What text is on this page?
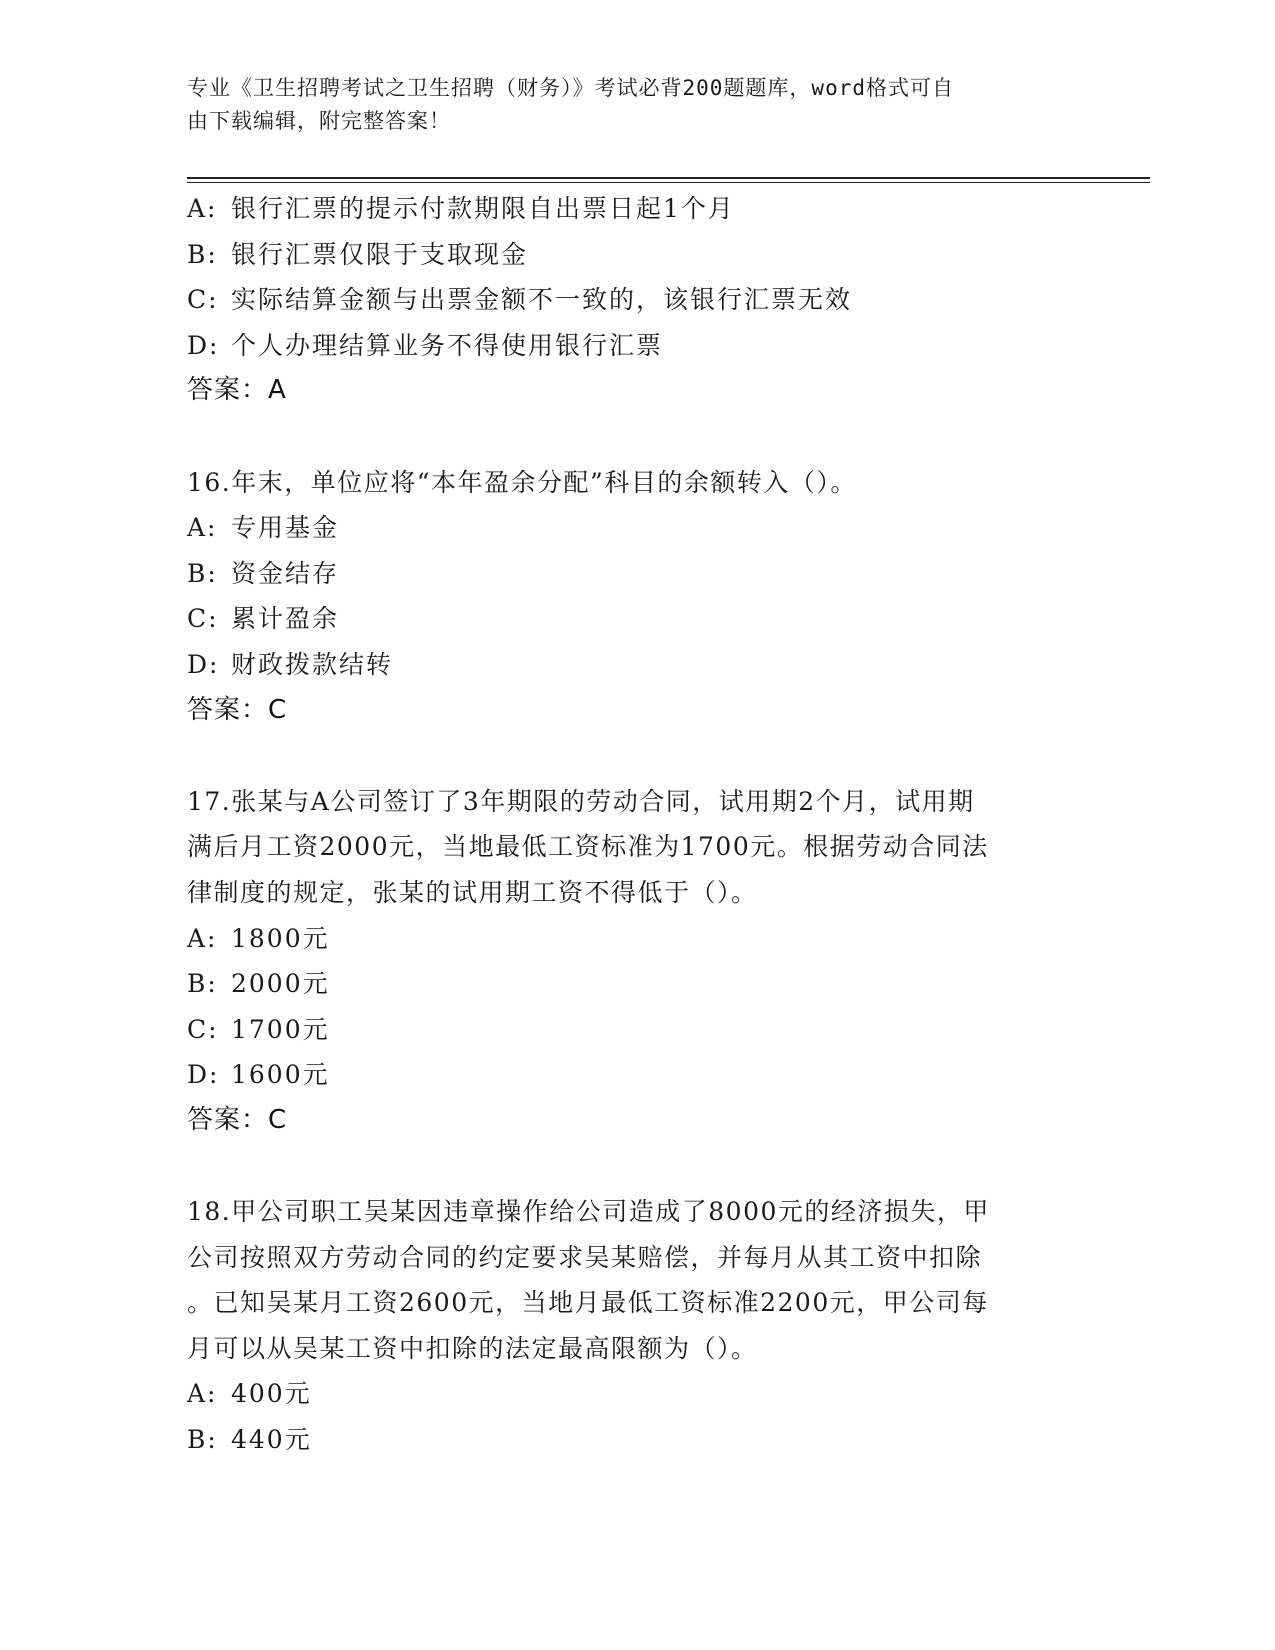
专业《卫生招聘考试之卫生招聘（财务）》考试必背200题题库，word格式可自
由下载编辑，附完整答案！
A: 银行汇票的提示付款期限自出票日起1个月
B: 银行汇票仅限于支取现金
C: 实际结算金额与出票金额不一致的，该银行汇票无效
D: 个人办理结算业务不得使用银行汇票
答案：A
16.年末，单位应将“本年盈余分配”科目的余额转入（）。
A: 专用基金
B: 资金结存
C: 累计盈余
D: 财政拨款结转
答案：C
17.张某与A公司签订了3年期限的劳动合同，试用期2个月，试用期
满后月工资2000元，当地最低工资标准为1700元。根据劳动合同法
律制度的规定，张某的试用期工资不得低于（）。
A: 1800元
B: 2000元
C: 1700元
D: 1600元
答案：C
18.甲公司职工吴某因违章操作给公司造成了8000元的经济损失，甲
公司按照双方劳动合同的约定要求吴某赔偿，并每月从其工资中扣除
。已知吴某月工资2600元，当地月最低工资标准2200元，甲公司每
月可以从吴某工资中扣除的法定最高限额为（）。
A: 400元
B: 440元
